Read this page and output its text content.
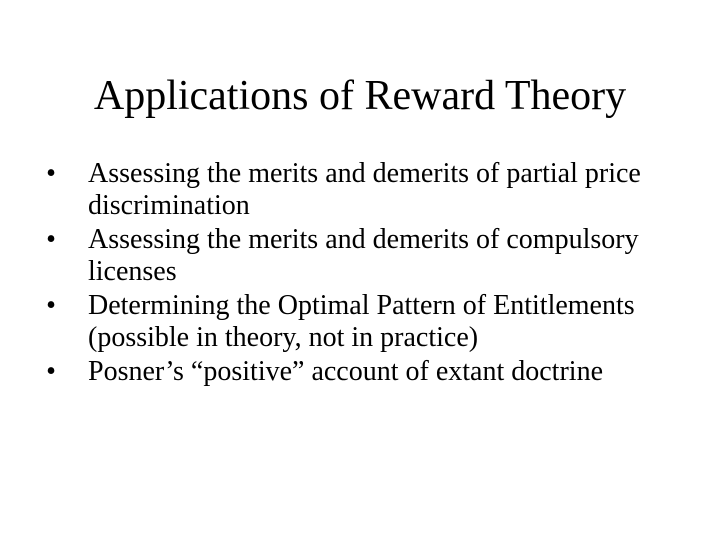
Applications of Reward Theory
•	Assessing the merits and demerits of partial price discrimination
•	Assessing the merits and demerits of compulsory licenses
•	Determining the Optimal Pattern of Entitlements (possible in theory, not in practice)
•	Posner’s “positive” account of extant doctrine
